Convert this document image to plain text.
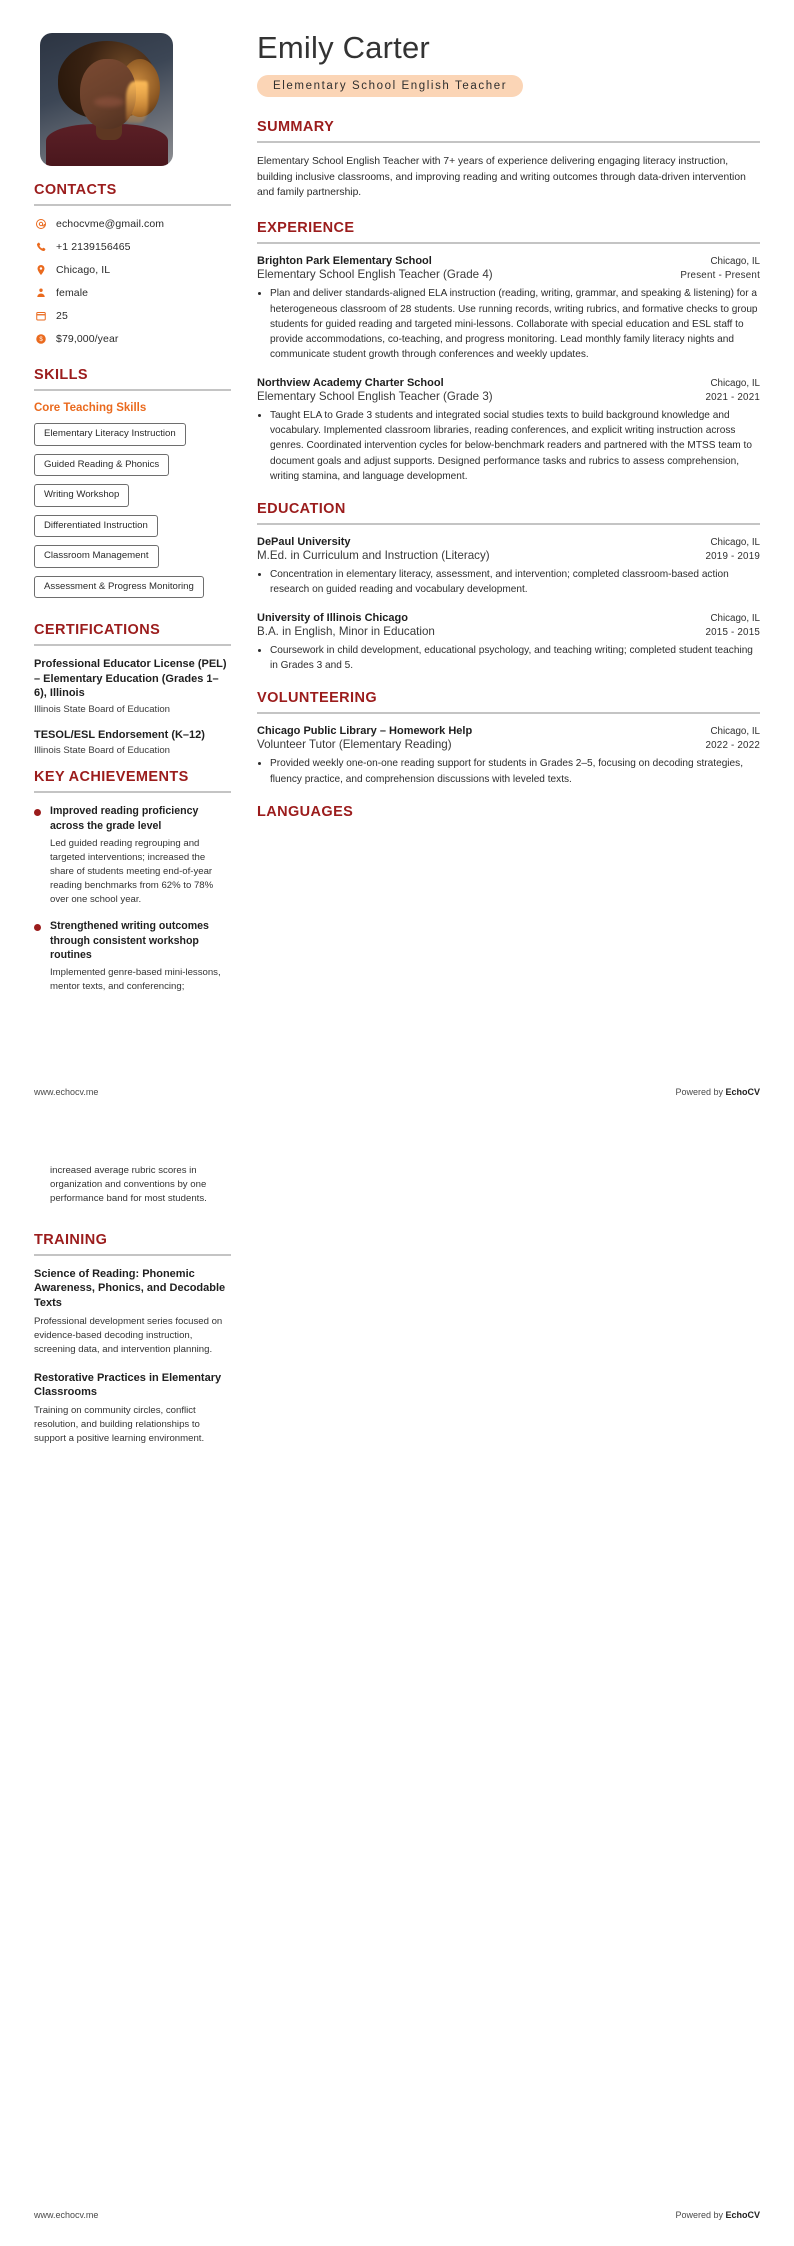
CONTACTS
echocvme@gmail.com
+1 2139156465
Chicago, IL
female
25
$ $79,000/year
SKILLS
Core Teaching Skills
Elementary Literacy Instruction
Guided Reading & Phonics
Writing Workshop
Differentiated Instruction
Classroom Management
Assessment & Progress Monitoring
CERTIFICATIONS
Professional Educator License (PEL) – Elementary Education (Grades 1–6), Illinois
Illinois State Board of Education
TESOL/ESL Endorsement (K–12)
Illinois State Board of Education
KEY ACHIEVEMENTS
Improved reading proficiency across the grade level
Led guided reading regrouping and targeted interventions; increased the share of students meeting end-of-year reading benchmarks from 62% to 78% over one school year.
Strengthened writing outcomes through consistent workshop routines
Implemented genre-based mini-lessons, mentor texts, and conferencing;
Emily Carter
Elementary School English Teacher
SUMMARY
Elementary School English Teacher with 7+ years of experience delivering engaging literacy instruction, building inclusive classrooms, and improving reading and writing outcomes through data-driven intervention and family partnership.
EXPERIENCE
Brighton Park Elementary School	Chicago, IL
Elementary School English Teacher (Grade 4)	Present - Present
• Plan and deliver standards-aligned ELA instruction (reading, writing, grammar, and speaking & listening) for a heterogeneous classroom of 28 students. Use running records, writing rubrics, and formative checks to group students for guided reading and targeted mini-lessons. Collaborate with special education and ESL staff to provide accommodations, co-teaching, and progress monitoring. Lead monthly family literacy nights and communicate student growth through conferences and weekly updates.
Northview Academy Charter School	Chicago, IL
Elementary School English Teacher (Grade 3)	2021 - 2021
• Taught ELA to Grade 3 students and integrated social studies texts to build background knowledge and vocabulary. Implemented classroom libraries, reading conferences, and explicit writing instruction across genres. Coordinated intervention cycles for below-benchmark readers and partnered with the MTSS team to document goals and adjust supports. Designed performance tasks and rubrics to assess comprehension, writing stamina, and language development.
EDUCATION
DePaul University	Chicago, IL
M.Ed. in Curriculum and Instruction (Literacy)	2019 - 2019
• Concentration in elementary literacy, assessment, and intervention; completed classroom-based action research on guided reading and vocabulary development.
University of Illinois Chicago	Chicago, IL
B.A. in English, Minor in Education	2015 - 2015
• Coursework in child development, educational psychology, and teaching writing; completed student teaching in Grades 3 and 5.
VOLUNTEERING
Chicago Public Library – Homework Help	Chicago, IL
Volunteer Tutor (Elementary Reading)	2022 - 2022
• Provided weekly one-on-one reading support for students in Grades 2–5, focusing on decoding strategies, fluency practice, and comprehension discussions with leveled texts.
LANGUAGES
www.echocv.me	Powered by EchoCV
increased average rubric scores in organization and conventions by one performance band for most students.
TRAINING
Science of Reading: Phonemic Awareness, Phonics, and Decodable Texts
Professional development series focused on evidence-based decoding instruction, screening data, and intervention planning.
Restorative Practices in Elementary Classrooms
Training on community circles, conflict resolution, and building relationships to support a positive learning environment.
www.echocv.me	Powered by EchoCV
